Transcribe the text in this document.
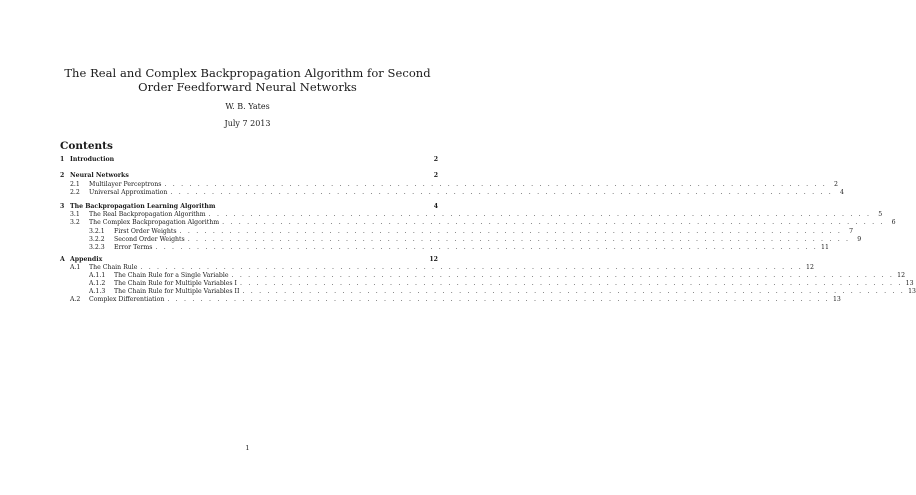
The Real and Complex Backpropagation Algorithm for Second
Order Feedforward Neural Networks
W. B. Yates
July 7 2013
Contents
1 Introduction	2
2 Neural Networks	2
2.1	Multilayer Perceptrons . . . . . . . . . . . . . . . . . . . . . . . . . . . . . . . . . . . . . . . . . . . . . . . . . . . . . . . . . . . . . . . . . . . . . . . . . . . . . . . .	2
2.2	Universal Approximation . . . . . . . . . . . . . . . . . . . . . . . . . . . . . . . . . . . . . . . . . . . . . . . . . . . . . . . . . . . . . . . . . . . . . . . . . . . . . . . .	4
3 The Backpropagation Learning Algorithm	4
3.1	The Real Backpropagation Algorithm . . . . . . . . . . . . . . . . . . . . . . . . . . . . . . . . . . . . . . . . . . . . . . . . . . . . . . . . . . . . . . . . . . . . . . . . . . . . . . . .	5
3.2	The Complex Backpropagation Algorithm . . . . . . . . . . . . . . . . . . . . . . . . . . . . . . . . . . . . . . . . . . . . . . . . . . . . . . . . . . . . . . . . . . . . . . . . . . . . . . . .	6
3.2.1	First Order Weights . . . . . . . . . . . . . . . . . . . . . . . . . . . . . . . . . . . . . . . . . . . . . . . . . . . . . . . . . . . . . . . . . . . . . . . . . . . . . . . .	7
3.2.2	Second Order Weights . . . . . . . . . . . . . . . . . . . . . . . . . . . . . . . . . . . . . . . . . . . . . . . . . . . . . . . . . . . . . . . . . . . . . . . . . . . . . . . .	9
3.2.3	Error Terms . . . . . . . . . . . . . . . . . . . . . . . . . . . . . . . . . . . . . . . . . . . . . . . . . . . . . . . . . . . . . . . . . . . . . . . . . . . . . . . . 11
A Appendix	12
A.1	The Chain Rule . . . . . . . . . . . . . . . . . . . . . . . . . . . . . . . . . . . . . . . . . . . . . . . . . . . . . . . . . . . . . . . . . . . . . . . . . . . . . . . . 12
A.1.1	The Chain Rule for a Single Variable . . . . . . . . . . . . . . . . . . . . . . . . . . . . . . . . . . . . . . . . . . . . . . . . . . . . . . . . . . . . . . . . . . . . . . . . . . . . . . . . 12
A.1.2	The Chain Rule for Multiple Variables I . . . . . . . . . . . . . . . . . . . . . . . . . . . . . . . . . . . . . . . . . . . . . . . . . . . . . . . . . . . . . . . . . . . . . . . . . . . . . . . . 13
A.1.3	The Chain Rule for Multiple Variables II . . . . . . . . . . . . . . . . . . . . . . . . . . . . . . . . . . . . . . . . . . . . . . . . . . . . . . . . . . . . . . . . . . . . . . . . . . . . . . . . 13
A.2	Complex Differentiation . . . . . . . . . . . . . . . . . . . . . . . . . . . . . . . . . . . . . . . . . . . . . . . . . . . . . . . . . . . . . . . . . . . . . . . . . . . . . . . . 13
1
